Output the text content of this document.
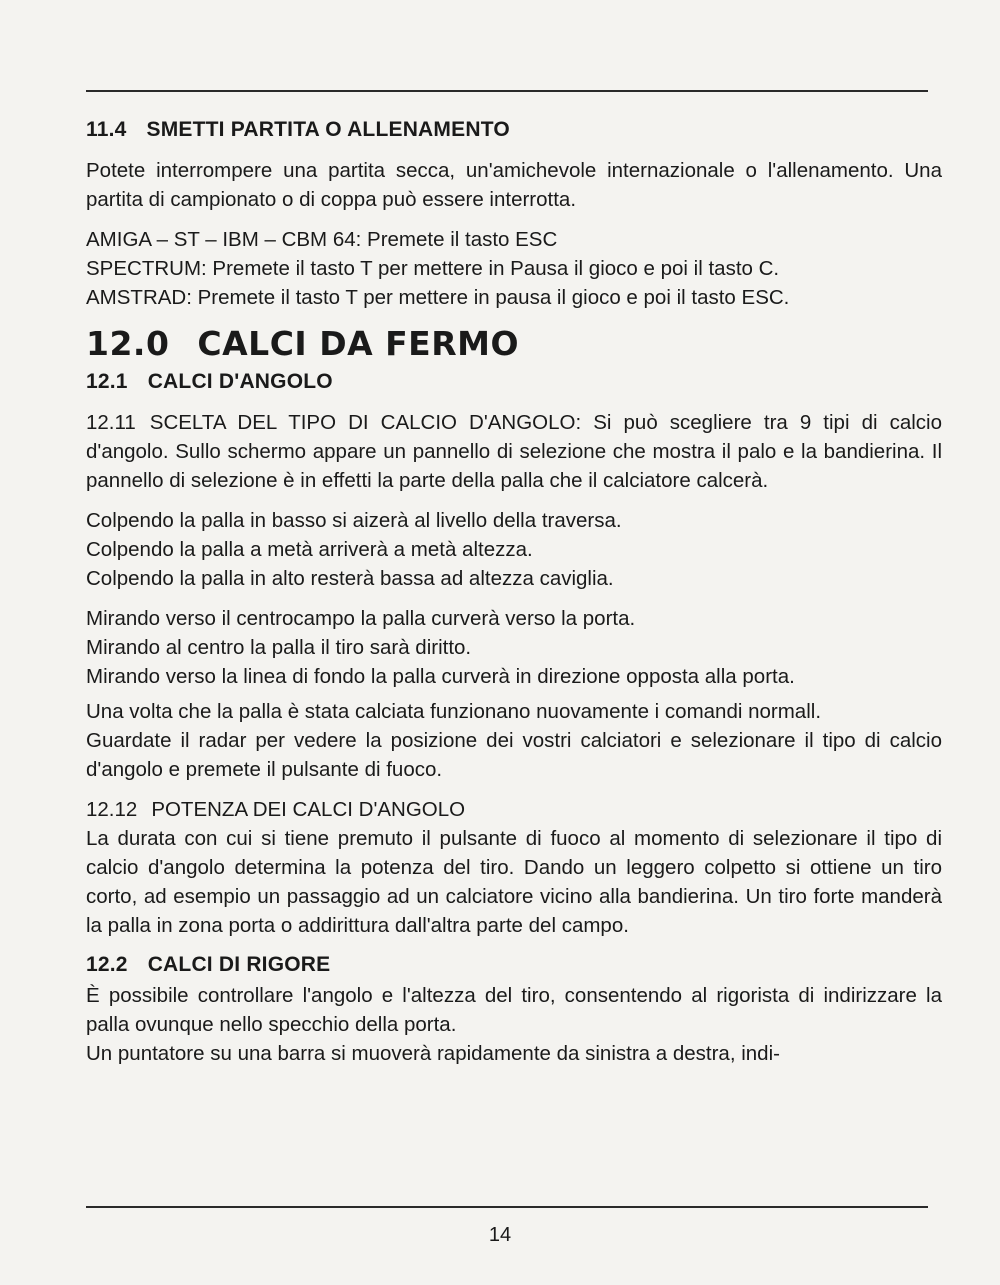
11.4 SMETTI PARTITA O ALLENAMENTO

Potete interrompere una partita secca, un'amichevole internazionale o l'allenamento. Una partita di campionato o di coppa può essere interrotta.

AMIGA – ST – IBM – CBM 64: Premete il tasto ESC

SPECTRUM: Premete il tasto T per mettere in Pausa il gioco e poi il tasto C.

AMSTRAD: Premete il tasto T per mettere in pausa il gioco e poi il tasto ESC.

12.0 CALCI DA FERMO
12.1 CALCI D'ANGOLO

12.11 SCELTA DEL TIPO DI CALCIO D'ANGOLO: Si può scegliere tra 9 tipi di calcio d'angolo. Sullo schermo appare un pannello di selezione che mostra il palo e la bandierina. Il pannello di selezione è in effetti la parte della palla che il calciatore calcerà.

Colpendo la palla in basso si aizerà al livello della traversa.

Colpendo la palla a metà arriverà a metà altezza.

Colpendo la palla in alto resterà bassa ad altezza caviglia.

Mirando verso il centrocampo la palla curverà verso la porta.

Mirando al centro la palla il tiro sarà diritto.

Mirando verso la linea di fondo la palla curverà in direzione opposta alla porta.

Una volta che la palla è stata calciata funzionano nuovamente i comandi normall.

Guardate il radar per vedere la posizione dei vostri calciatori e selezionare il tipo di calcio d'angolo e premete il pulsante di fuoco.

12.12 POTENZA DEI CALCI D'ANGOLO

La durata con cui si tiene premuto il pulsante di fuoco al momento di selezionare il tipo di calcio d'angolo determina la potenza del tiro. Dando un leggero colpetto si ottiene un tiro corto, ad esempio un passaggio ad un calciatore vicino alla bandierina. Un tiro forte manderà la palla in zona porta o addirittura dall'altra parte del campo.

12.2 CALCI DI RIGORE

È possibile controllare l'angolo e l'altezza del tiro, consentendo al rigorista di indirizzare la palla ovunque nello specchio della porta.

Un puntatore su una barra si muoverà rapidamente da sinistra a destra, indi-

14
